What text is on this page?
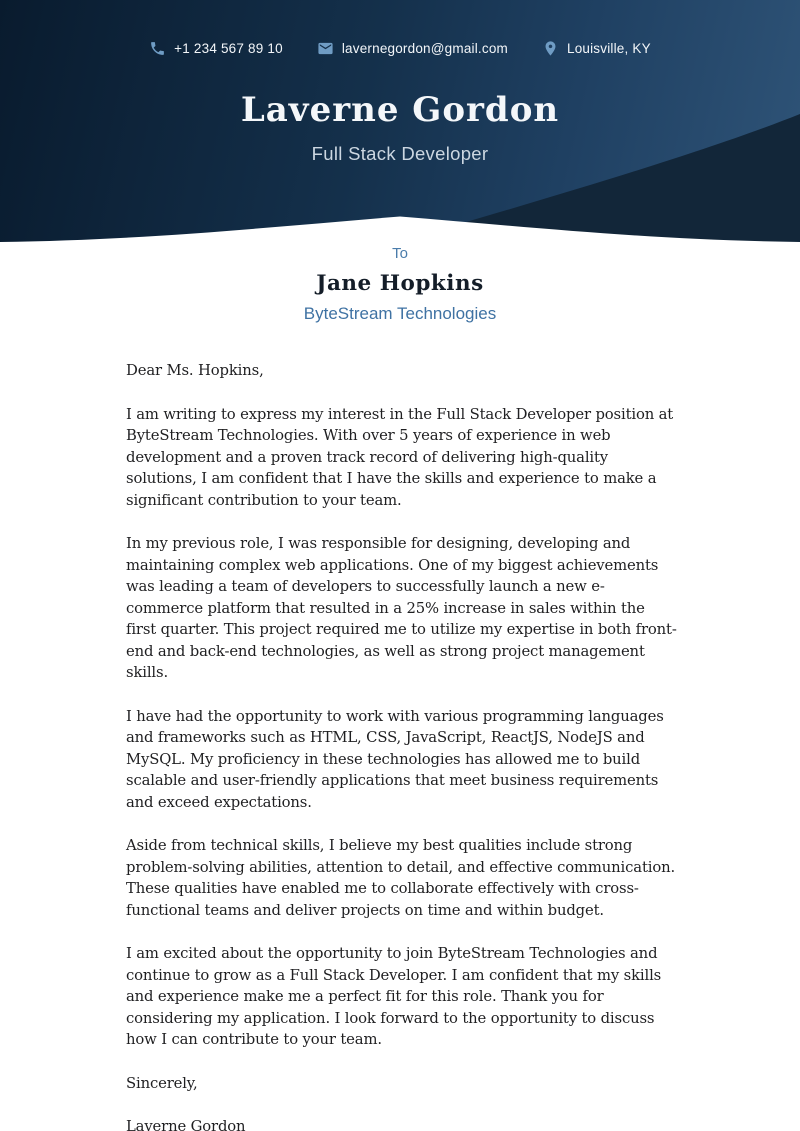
+1 234 567 89 10	lavernegordon@gmail.com	Louisville, KY
Laverne Gordon
Full Stack Developer
To
Jane Hopkins
ByteStream Technologies
Dear Ms. Hopkins,

I am writing to express my interest in the Full Stack Developer position at ByteStream Technologies. With over 5 years of experience in web development and a proven track record of delivering high-quality solutions, I am confident that I have the skills and experience to make a significant contribution to your team.

In my previous role, I was responsible for designing, developing and maintaining complex web applications. One of my biggest achievements was leading a team of developers to successfully launch a new e-commerce platform that resulted in a 25% increase in sales within the first quarter. This project required me to utilize my expertise in both front-end and back-end technologies, as well as strong project management skills.

I have had the opportunity to work with various programming languages and frameworks such as HTML, CSS, JavaScript, ReactJS, NodeJS and MySQL. My proficiency in these technologies has allowed me to build scalable and user-friendly applications that meet business requirements and exceed expectations.

Aside from technical skills, I believe my best qualities include strong problem-solving abilities, attention to detail, and effective communication. These qualities have enabled me to collaborate effectively with cross-functional teams and deliver projects on time and within budget.

I am excited about the opportunity to join ByteStream Technologies and continue to grow as a Full Stack Developer. I am confident that my skills and experience make me a perfect fit for this role. Thank you for considering my application. I look forward to the opportunity to discuss how I can contribute to your team.

Sincerely,
Laverne Gordon
